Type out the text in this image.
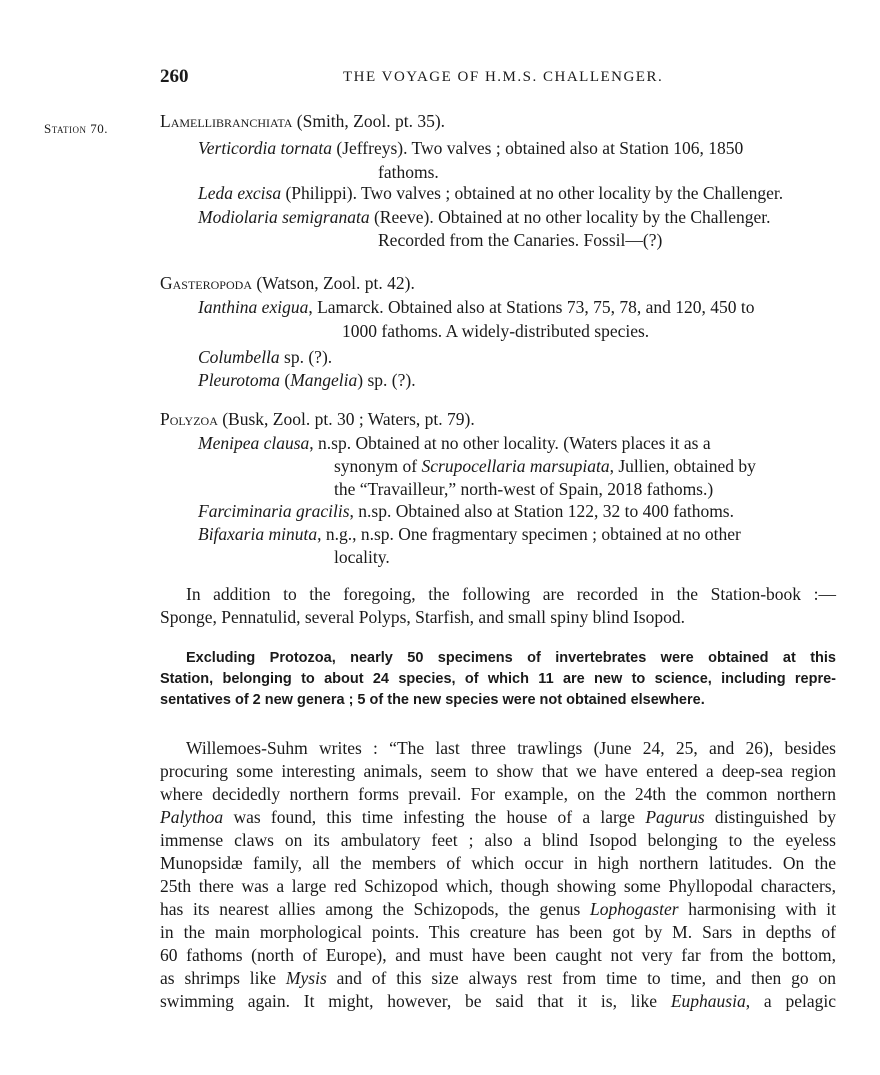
260	THE VOYAGE OF H.M.S. CHALLENGER.
Station 70.	Lamellibranchiata (Smith, Zool. pt. 35).
Verticordia tornata (Jeffreys). Two valves ; obtained also at Station 106, 1850
fathoms.
Leda excisa (Philippi). Two valves ; obtained at no other locality by the Challenger.
Modiolaria semigranata (Reeve). Obtained at no other locality by the Challenger.
Recorded from the Canaries. Fossil—(?)
Gasteropoda (Watson, Zool. pt. 42).
Ianthina exigua, Lamarck. Obtained also at Stations 73, 75, 78, and 120, 450 to
1000 fathoms. A widely-distributed species.
Columbella sp. (?).
Pleurotoma (Mangelia) sp. (?).
Polyzoa (Busk, Zool. pt. 30 ; Waters, pt. 79).
Menipea clausa, n.sp. Obtained at no other locality. (Waters places it as a
synonym of Scrupocellaria marsupiata, Jullien, obtained by
the “Travailleur,” north-west of Spain, 2018 fathoms.)
Farciminaria gracilis, n.sp. Obtained also at Station 122, 32 to 400 fathoms.
Bifaxaria minuta, n.g., n.sp. One fragmentary specimen ; obtained at no other
locality.
In addition to the foregoing, the following are recorded in the Station-book :—
Sponge, Pennatulid, several Polyps, Starfish, and small spiny blind Isopod.
Excluding Protozoa, nearly 50 specimens of invertebrates were obtained at this
Station, belonging to about 24 species, of which 11 are new to science, including repre-
sentatives of 2 new genera ; 5 of the new species were not obtained elsewhere.
Willemoes-Suhm writes : “The last three trawlings (June 24, 25, and 26), besides
procuring some interesting animals, seem to show that we have entered a deep-sea region
where decidedly northern forms prevail. For example, on the 24th the common northern
Palythoa was found, this time infesting the house of a large Pagurus distinguished by
immense claws on its ambulatory feet ; also a blind Isopod belonging to the eyeless
Munopsidæ family, all the members of which occur in high northern latitudes. On the
25th there was a large red Schizopod which, though showing some Phyllopodal characters,
has its nearest allies among the Schizopods, the genus Lophogaster harmonising with it
in the main morphological points. This creature has been got by M. Sars in depths of
60 fathoms (north of Europe), and must have been caught not very far from the bottom,
as shrimps like Mysis and of this size always rest from time to time, and then go on
swimming again. It might, however, be said that it is, like Euphausia, a pelagic
